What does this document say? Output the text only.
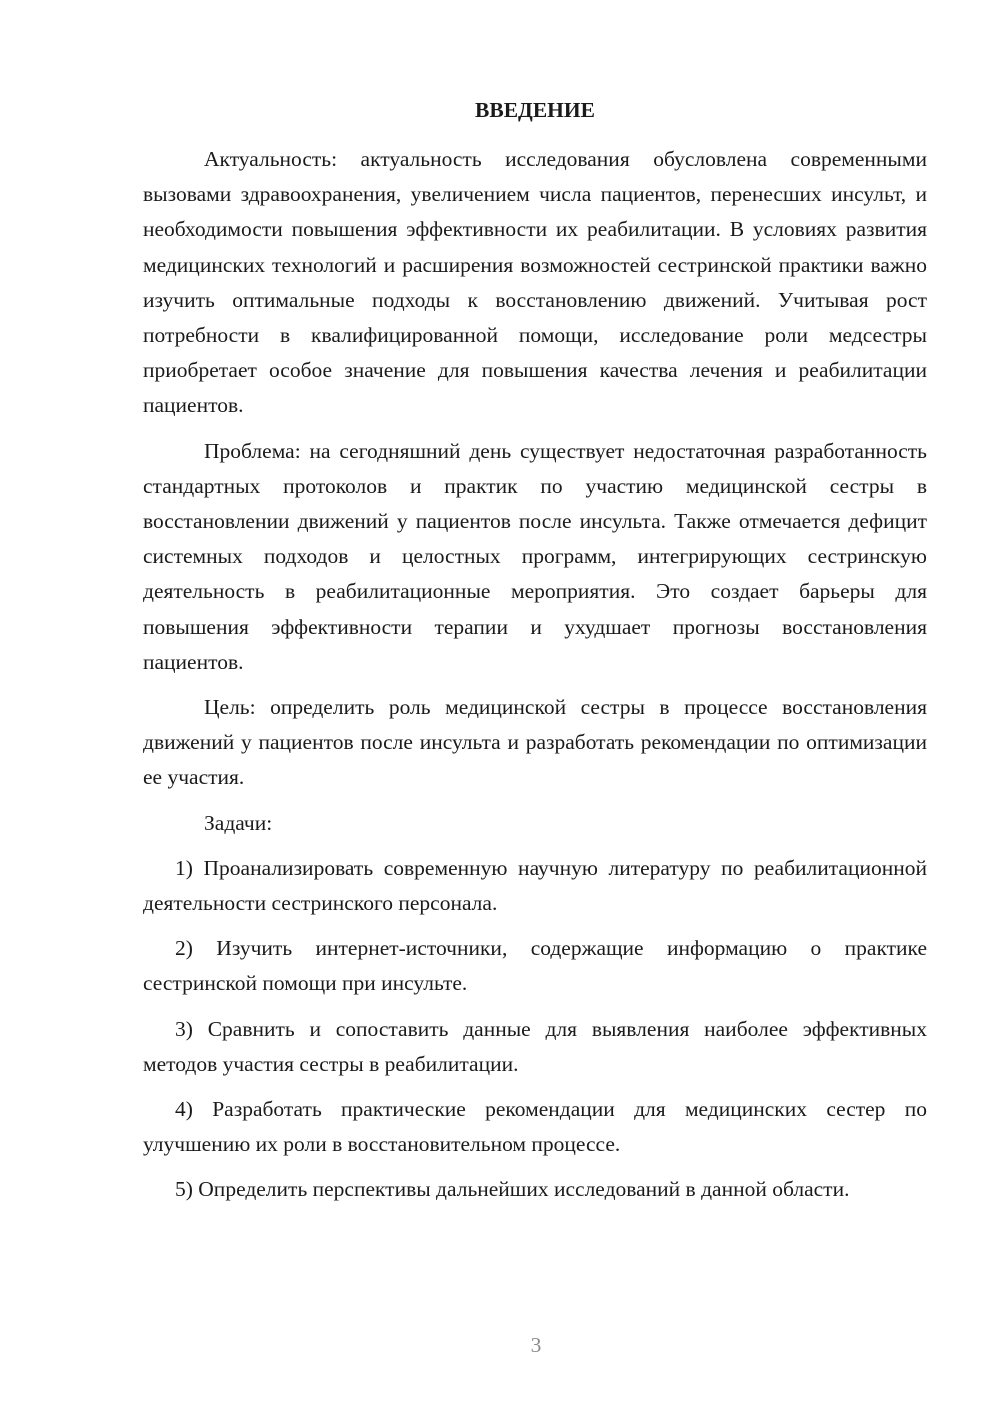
ВВЕДЕНИЕ

Актуальность: актуальность исследования обусловлена современными вызовами здравоохранения, увеличением числа пациентов, перенесших инсульт, и необходимости повышения эффективности их реабилитации. В условиях развития медицинских технологий и расширения возможностей сестринской практики важно изучить оптимальные подходы к восстановлению движений. Учитывая рост потребности в квалифицированной помощи, исследование роли медсестры приобретает особое значение для повышения качества лечения и реабилитации пациентов.

Проблема: на сегодняшний день существует недостаточная разработанность стандартных протоколов и практик по участию медицинской сестры в восстановлении движений у пациентов после инсульта. Также отмечается дефицит системных подходов и целостных программ, интегрирующих сестринскую деятельность в реабилитационные мероприятия. Это создает барьеры для повышения эффективности терапии и ухудшает прогнозы восстановления пациентов.

Цель: определить роль медицинской сестры в процессе восстановления движений у пациентов после инсульта и разработать рекомендации по оптимизации ее участия.

Задачи:

1) Проанализировать современную научную литературу по реабилитационной деятельности сестринского персонала.

2) Изучить интернет-источники, содержащие информацию о практике сестринской помощи при инсульте.

3) Сравнить и сопоставить данные для выявления наиболее эффективных методов участия сестры в реабилитации.

4) Разработать практические рекомендации для медицинских сестер по улучшению их роли в восстановительном процессе.

5) Определить перспективы дальнейших исследований в данной области.

3
